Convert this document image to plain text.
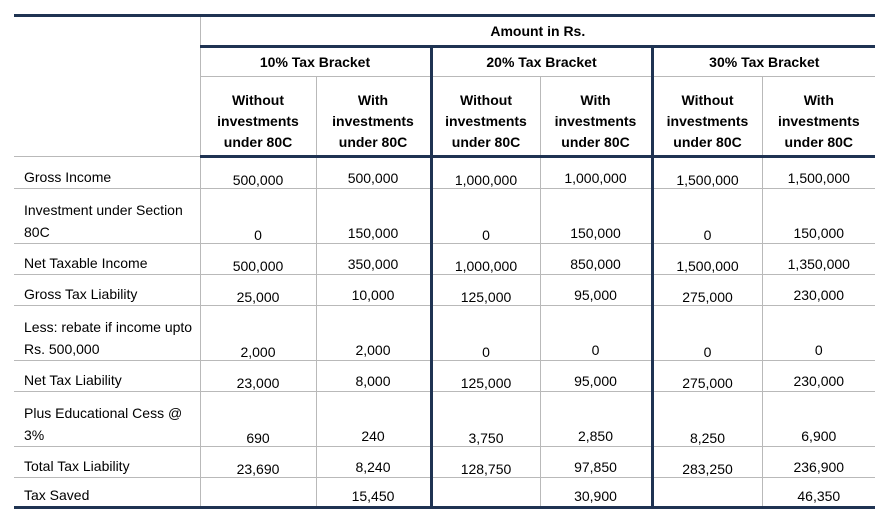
	Amount in Rs.					
	10% Tax Bracket		20% Tax Bracket		30% Tax Bracket	
	Without
investments
under 80C	With
investments
under 80C	Without
investments
under 80C	With
investments
under 80C	Without
investments
under 80C	With
investments
under 80C
Gross Income	500,000	500,000	1,000,000	1,000,000	1,500,000	1,500,000
Investment under Section 80C	0	150,000	0	150,000	0	150,000
Net Taxable Income	500,000	350,000	1,000,000	850,000	1,500,000	1,350,000
Gross Tax Liability	25,000	10,000	125,000	95,000	275,000	230,000
Less: rebate if income upto Rs. 500,000	2,000	2,000	0	0	0	0
Net Tax Liability	23,000	8,000	125,000	95,000	275,000	230,000
Plus Educational Cess @ 3%	690	240	3,750	2,850	8,250	6,900
Total Tax Liability	23,690	8,240	128,750	97,850	283,250	236,900
Tax Saved		15,450		30,900		46,350
